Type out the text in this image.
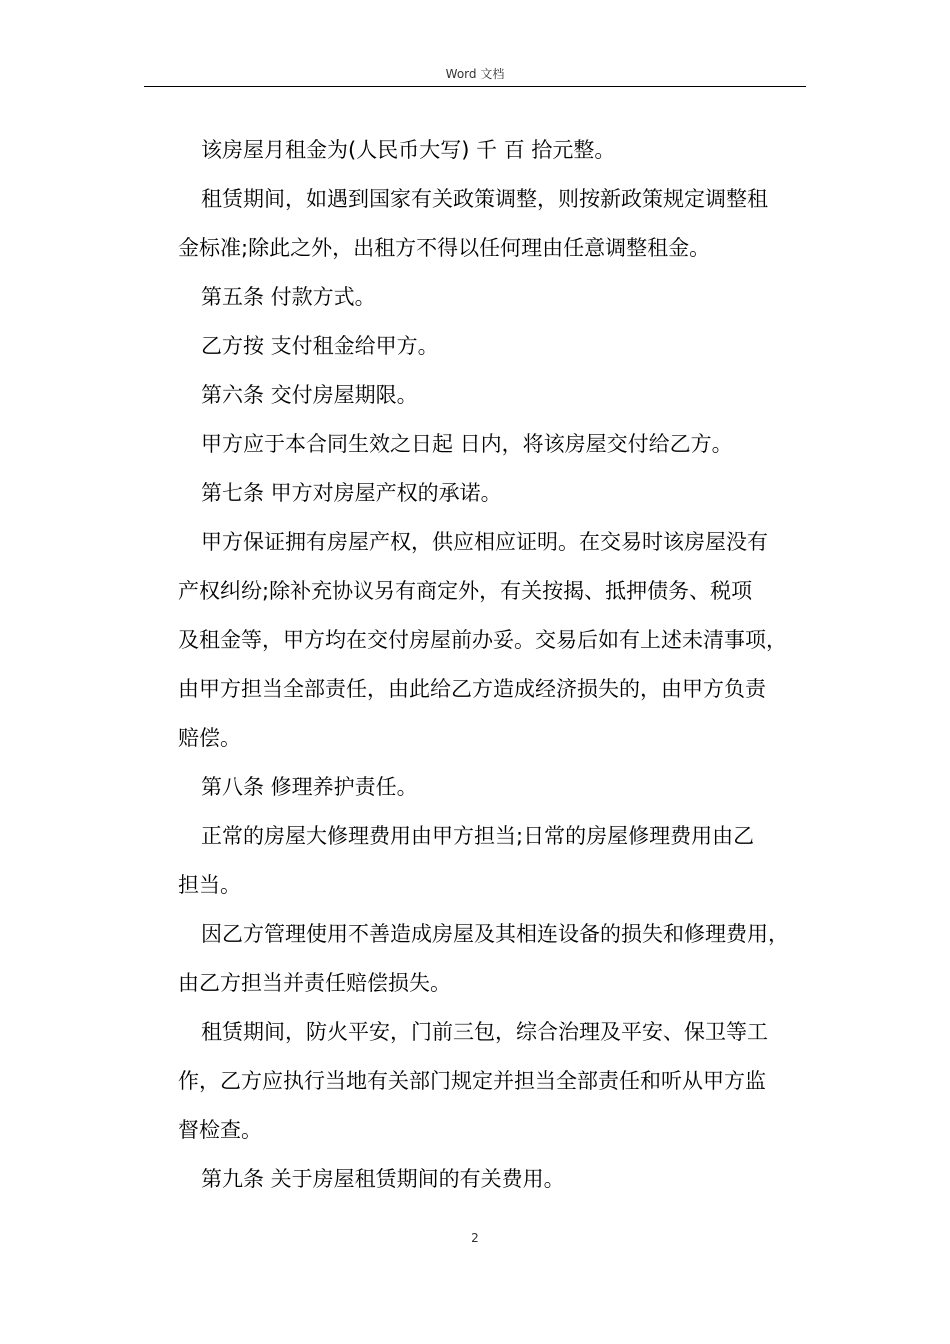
Word 文档
该房屋月租金为(人民币大写) 千 百 拾元整。
租赁期间，如遇到国家有关政策调整，则按新政策规定调整租
金标准;除此之外，出租方不得以任何理由任意调整租金。
第五条 付款方式。
乙方按 支付租金给甲方。
第六条 交付房屋期限。
甲方应于本合同生效之日起 日内，将该房屋交付给乙方。
第七条 甲方对房屋产权的承诺。
甲方保证拥有房屋产权，供应相应证明。在交易时该房屋没有
产权纠纷;除补充协议另有商定外，有关按揭、抵押债务、税项
及租金等，甲方均在交付房屋前办妥。交易后如有上述未清事项，
由甲方担当全部责任，由此给乙方造成经济损失的，由甲方负责
赔偿。
第八条 修理养护责任。
正常的房屋大修理费用由甲方担当;日常的房屋修理费用由乙
担当。
因乙方管理使用不善造成房屋及其相连设备的损失和修理费用，
由乙方担当并责任赔偿损失。
租赁期间，防火平安，门前三包，综合治理及平安、保卫等工
作，乙方应执行当地有关部门规定并担当全部责任和听从甲方监
督检查。
第九条 关于房屋租赁期间的有关费用。
2
